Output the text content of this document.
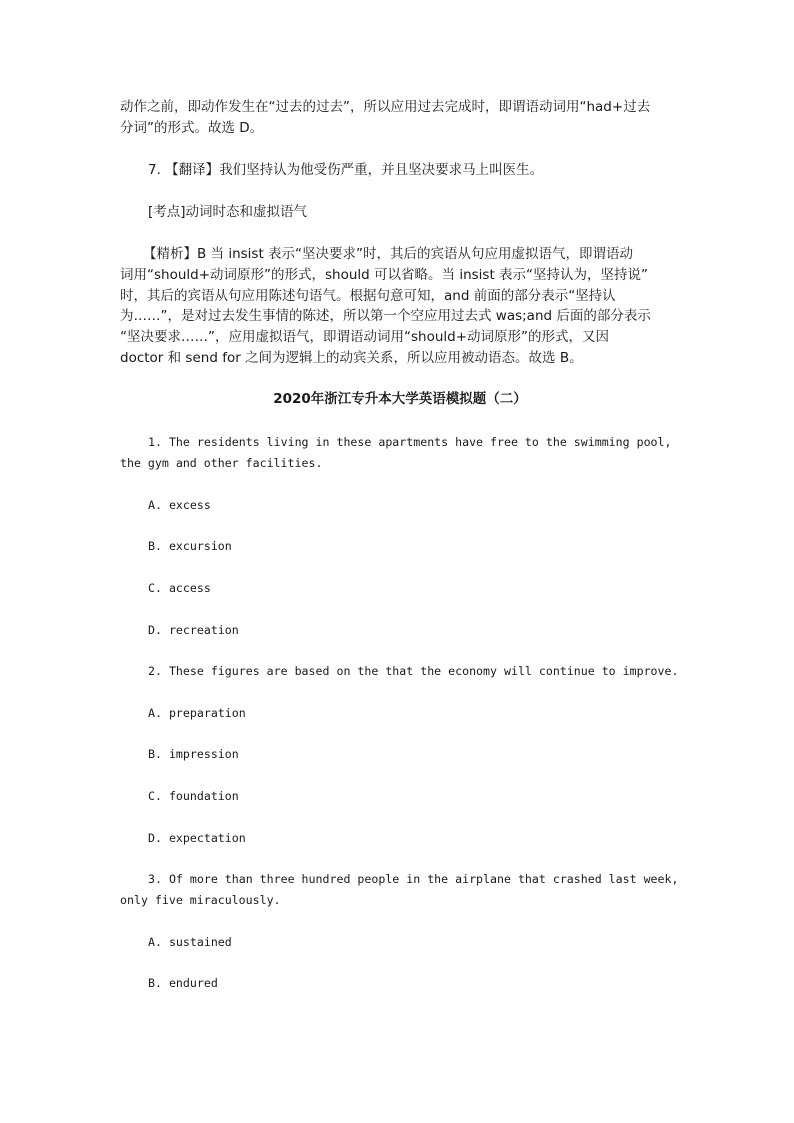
动作之前，即动作发生在“过去的过去”，所以应用过去完成时，即谓语动词用“had+过去

分词”的形式。故选 D。

7. 【翻译】我们坚持认为他受伤严重，并且坚决要求马上叫医生。

[考点]动词时态和虚拟语气

【精析】B 当 insist 表示“坚决要求”时，其后的宾语从句应用虚拟语气，即谓语动

词用“should+动词原形”的形式，should 可以省略。当 insist 表示“坚持认为，坚持说”

时，其后的宾语从句应用陈述句语气。根据句意可知，and 前面的部分表示“坚持认

为……”，是对过去发生事情的陈述，所以第一个空应用过去式 was;and 后面的部分表示

“坚决要求……”，应用虚拟语气，即谓语动词用“should+动词原形”的形式，又因

doctor 和 send for 之间为逻辑上的动宾关系，所以应用被动语态。故选 B。

2020年浙江专升本大学英语模拟题（二）

1. The residents living in these apartments have free to the swimming pool,

the gym and other facilities.

A. excess

B. excursion

C. access

D. recreation

2. These figures are based on the that the economy will continue to improve.

A. preparation

B. impression

C. foundation

D. expectation

3. Of more than three hundred people in the airplane that crashed last week,

only five miraculously.

A. sustained

B. endured
